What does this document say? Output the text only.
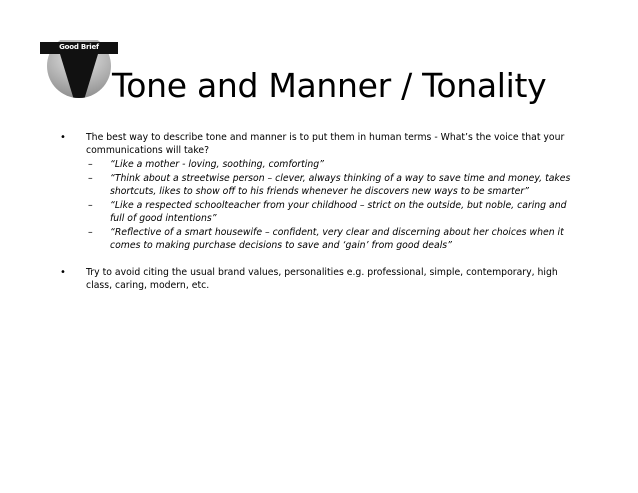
Good Brief
Tone and Manner / Tonality
•	The best way to describe tone and manner is to put them in human terms - What’s the voice that your communications will take?
– “Like a mother - loving, soothing, comforting”
– “Think about a streetwise person – clever, always thinking of a way to save time and money, takes shortcuts, likes to show off to his friends whenever he discovers new ways to be smarter”
– “Like a respected schoolteacher from your childhood – strict on the outside, but noble, caring and full of good intentions”
– “Reflective of a smart housewife – confident, very clear and discerning about her choices when it comes to making purchase decisions to save and ‘gain’ from good deals”
•	Try to avoid citing the usual brand values, personalities e.g. professional, simple, contemporary, high class, caring, modern, etc.
